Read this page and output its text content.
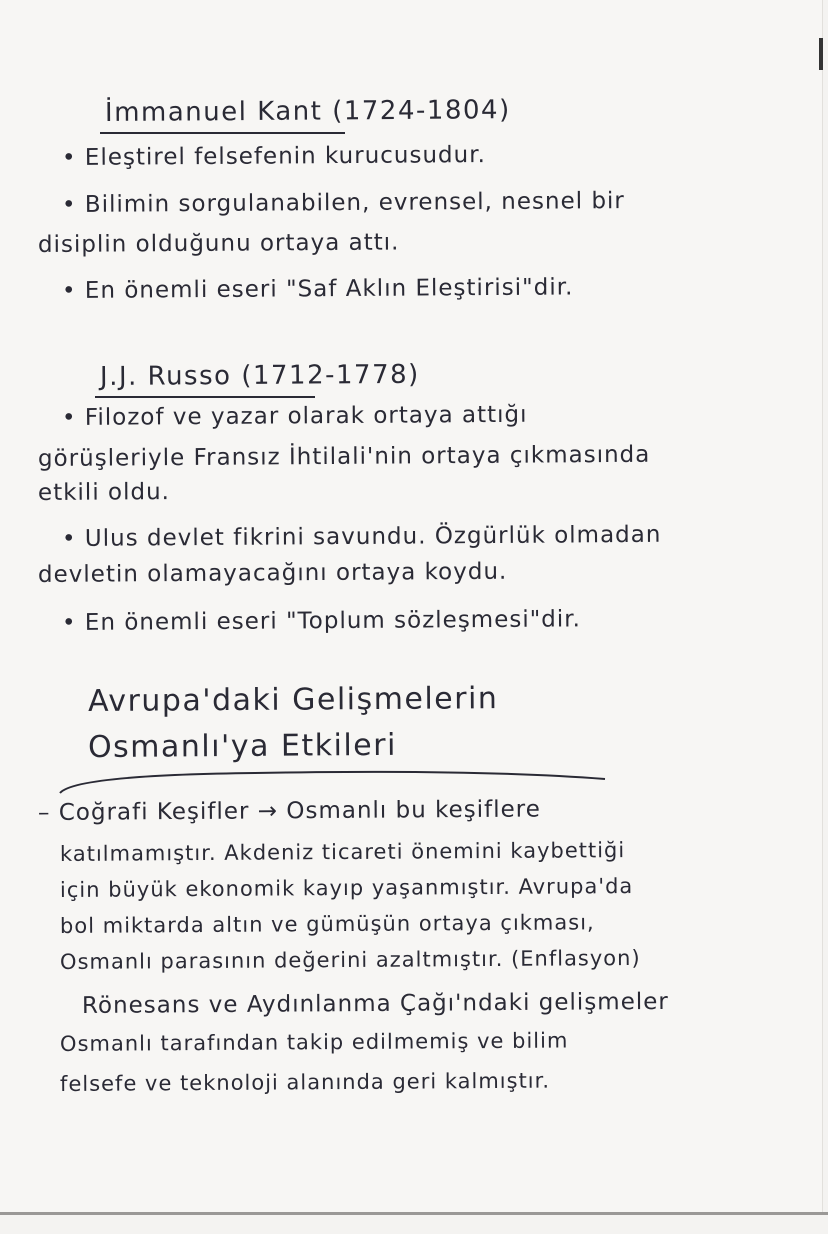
İmmanuel Kant (1724-1804)
• Eleştirel felsefenin kurucusudur.
• Bilimin sorgulanabilen, evrensel, nesnel bir
disiplin olduğunu ortaya attı.
• En önemli eseri "Saf Aklın Eleştirisi"dir.
J.J. Russo (1712-1778)
• Filozof ve yazar olarak ortaya attığı
görüşleriyle Fransız İhtilali'nin ortaya çıkmasında
etkili oldu.
• Ulus devlet fikrini savundu. Özgürlük olmadan
devletin olamayacağını ortaya koydu.
• En önemli eseri "Toplum sözleşmesi"dir.
Avrupa'daki Gelişmelerin
Osmanlı'ya Etkileri
– Coğrafi Keşifler → Osmanlı bu keşiflere
katılmamıştır. Akdeniz ticareti önemini kaybettiği
için büyük ekonomik kayıp yaşanmıştır. Avrupa'da
bol miktarda altın ve gümüşün ortaya çıkması,
Osmanlı parasının değerini azaltmıştır. (Enflasyon)
Rönesans ve Aydınlanma Çağı'ndaki gelişmeler
Osmanlı tarafından takip edilmemiş ve bilim
felsefe ve teknoloji alanında geri kalmıştır.
